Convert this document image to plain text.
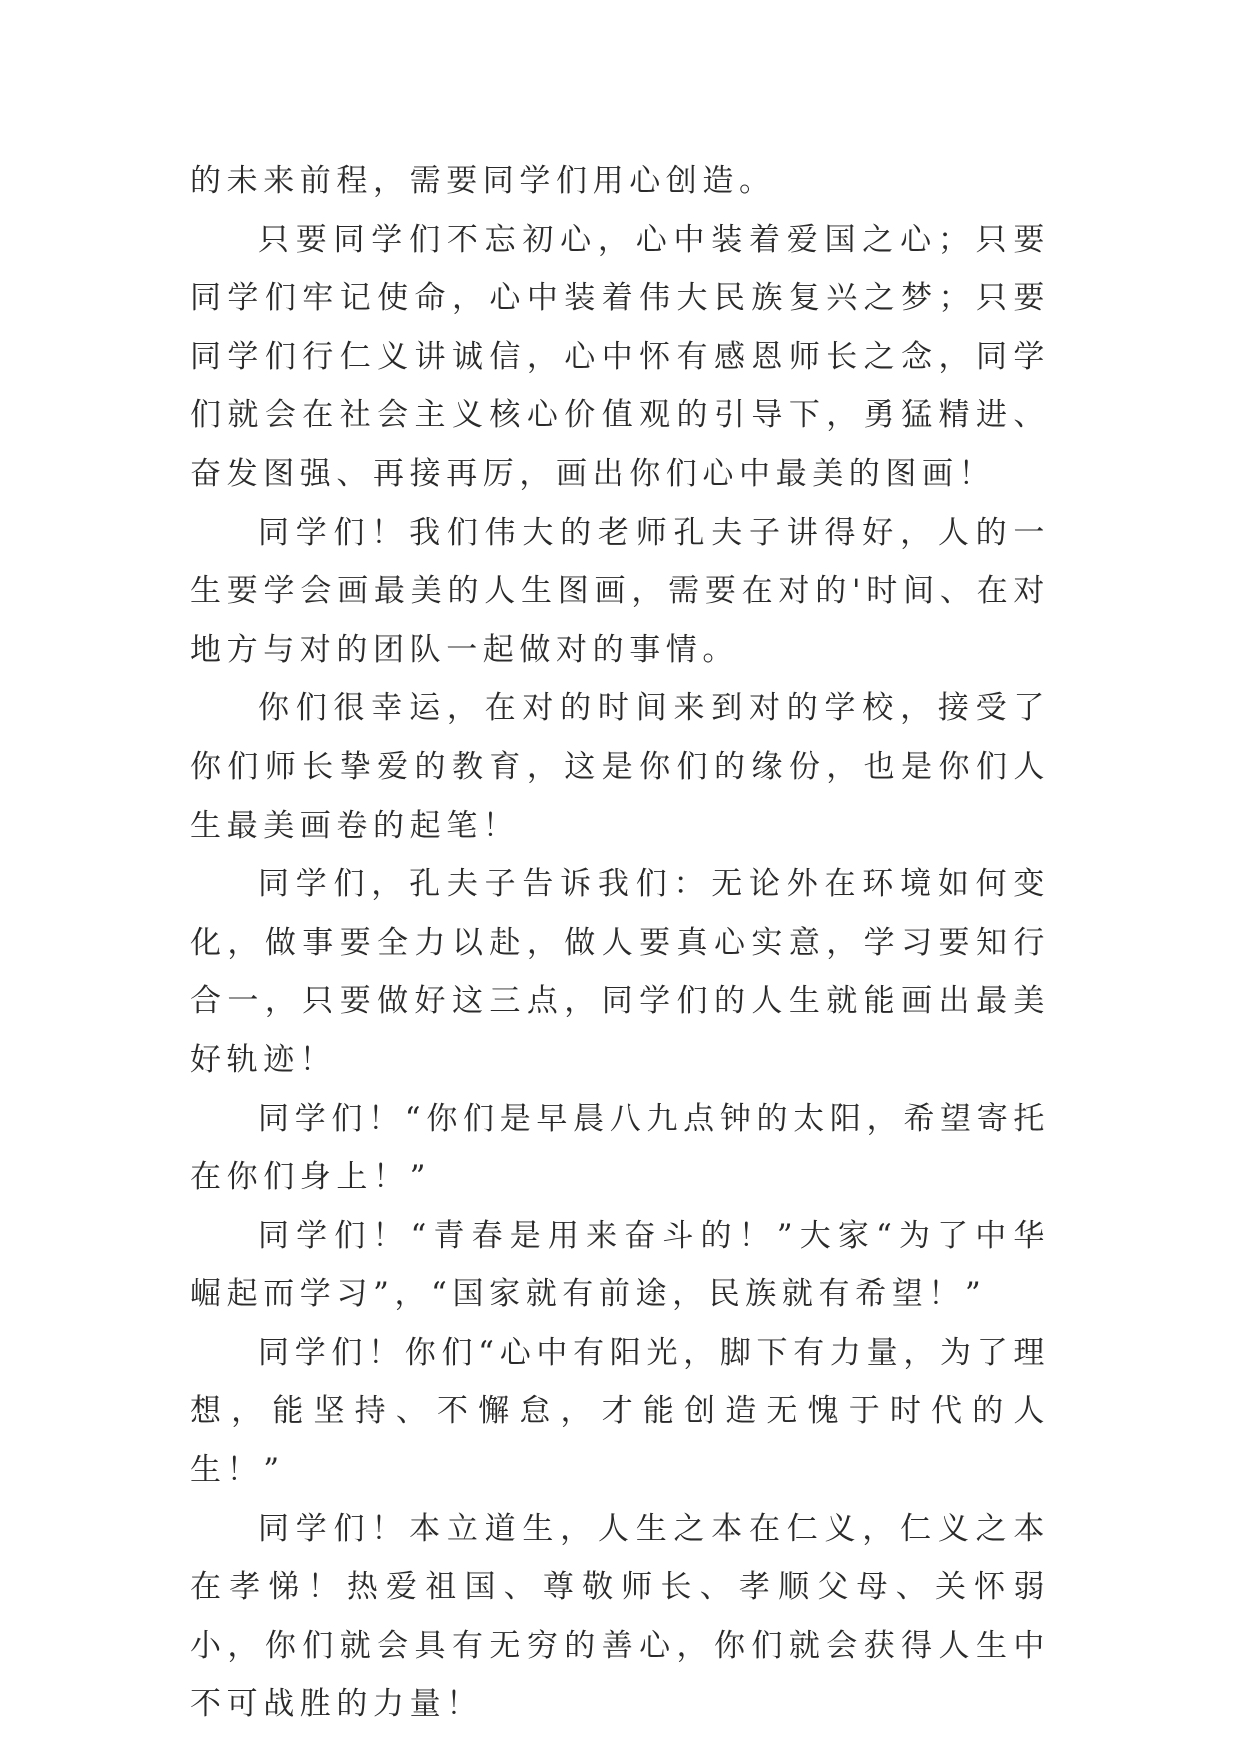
的未来前程，需要同学们用心创造。

只要同学们不忘初心，心中装着爱国之心；只要同学们牢记使命，心中装着伟大民族复兴之梦；只要同学们行仁义讲诚信，心中怀有感恩师长之念，同学们就会在社会主义核心价值观的引导下，勇猛精进、奋发图强、再接再厉，画出你们心中最美的图画！

同学们！我们伟大的老师孔夫子讲得好，人的一生要学会画最美的人生图画，需要在对的'时间、在对地方与对的团队一起做对的事情。

你们很幸运，在对的时间来到对的学校，接受了你们师长挚爱的教育，这是你们的缘份，也是你们人生最美画卷的起笔！

同学们，孔夫子告诉我们：无论外在环境如何变化，做事要全力以赴，做人要真心实意，学习要知行合一，只要做好这三点，同学们的人生就能画出最美好轨迹！

同学们！“你们是早晨八九点钟的太阳，希望寄托在你们身上！”

同学们！“青春是用来奋斗的！”大家“为了中华崛起而学习”，“国家就有前途，民族就有希望！”

同学们！你们“心中有阳光，脚下有力量，为了理想，能坚持、不懈怠，才能创造无愧于时代的人生！”

同学们！本立道生，人生之本在仁义，仁义之本在孝悌！热爱祖国、尊敬师长、孝顺父母、关怀弱小，你们就会具有无穷的善心，你们就会获得人生中不可战胜的力量！
